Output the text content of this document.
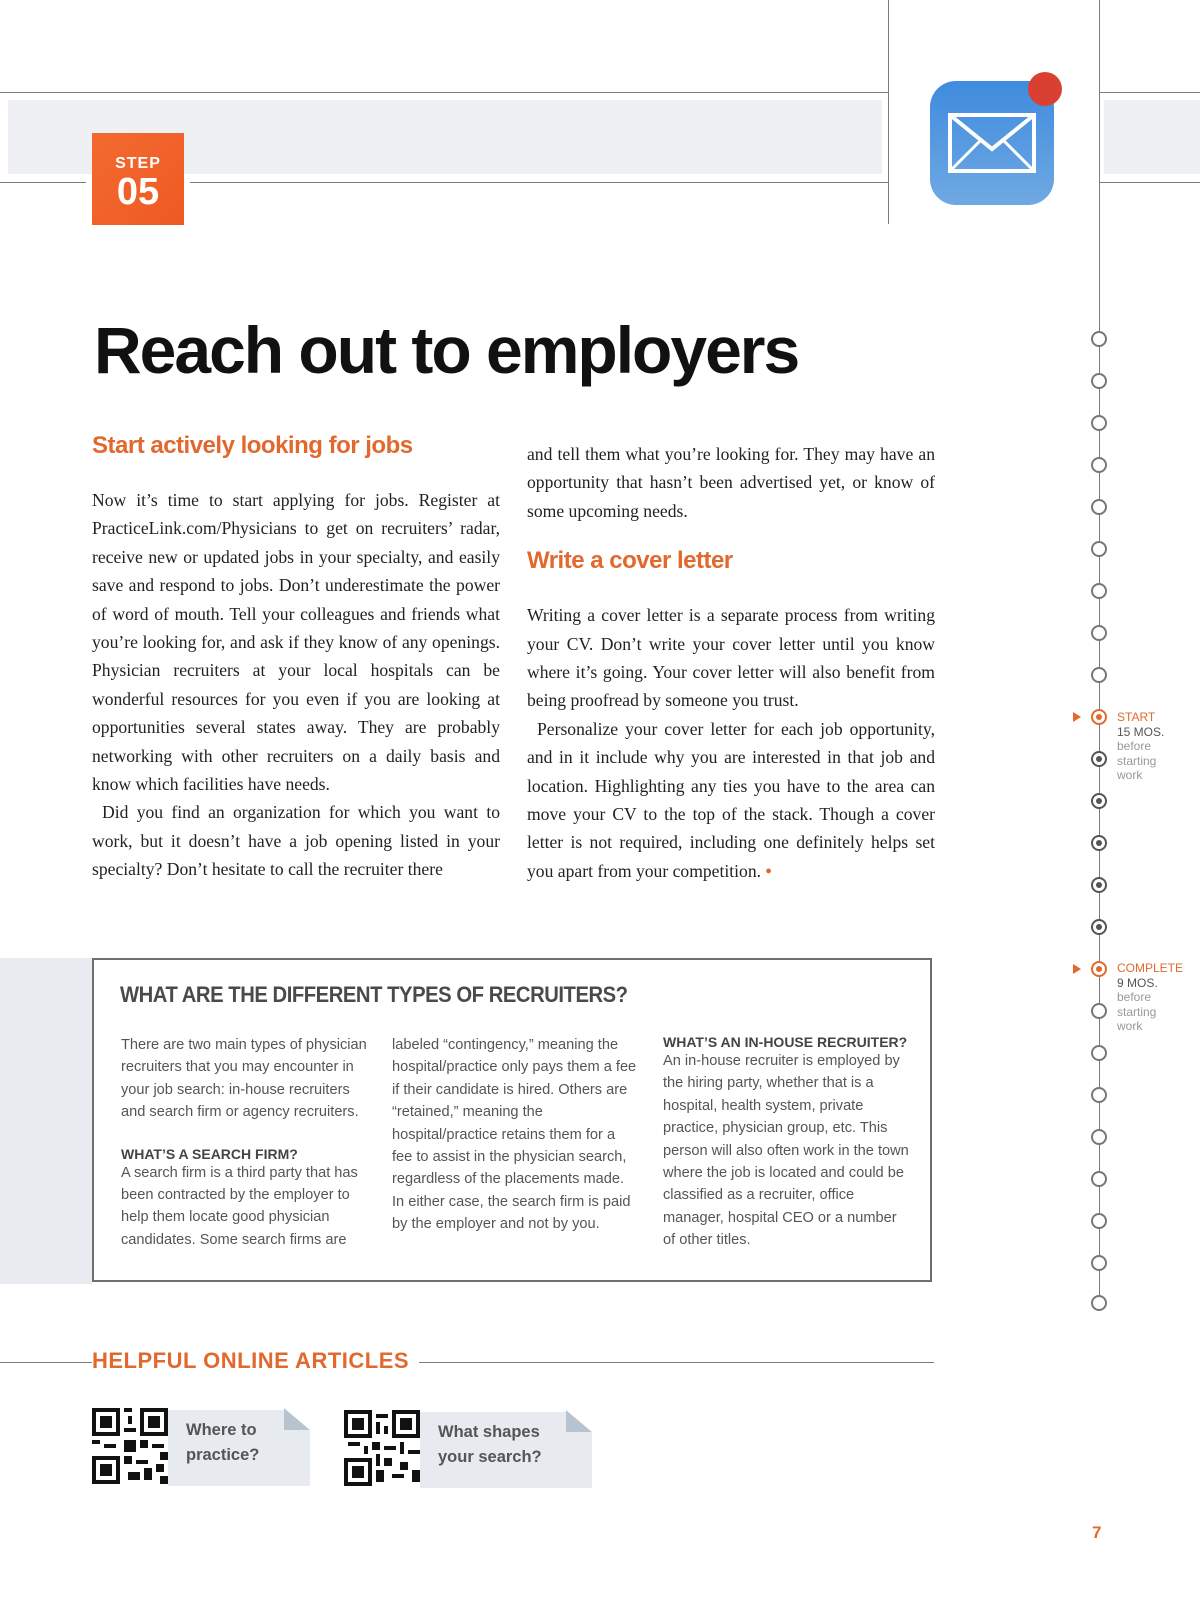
STEP
05
Reach out to employers
Start actively looking for jobs

Now it’s time to start applying for jobs. Register at PracticeLink.com/Physicians to get on recruiters’ radar, receive new or updated jobs in your specialty, and easily save and respond to jobs. Don’t underestimate the power of word of mouth. Tell your colleagues and friends what you’re looking for, and ask if they know of any openings. Physician recruiters at your local hospitals can be wonderful resources for you even if you are looking at opportunities several states away. They are probably networking with other recruiters on a daily basis and know which facilities have needs.

Did you find an organization for which you want to work, but it doesn’t have a job opening listed in your specialty? Don’t hesitate to call the recruiter there

and tell them what you’re looking for. They may have an opportunity that hasn’t been advertised yet, or know of some upcoming needs.

Write a cover letter

Writing a cover letter is a separate process from writing your CV. Don’t write your cover letter until you know where it’s going. Your cover letter will also benefit from being proofread by someone you trust.

Personalize your cover letter for each job opportunity, and in it include why you are interested in that job and location. Highlighting any ties you have to the area can move your CV to the top of the stack. Though a cover letter is not required, including one definitely helps set you apart from your competition. •

WHAT ARE THE DIFFERENT TYPES OF RECRUITERS?

There are two main types of physician recruiters that you may encounter in your job search: in-house recruiters and search firm or agency recruiters.

WHAT’S A SEARCH FIRM?

A search firm is a third party that has been contracted by the employer to help them locate good physician candidates. Some search firms are

labeled “contingency,” meaning the hospital/practice only pays them a fee if their candidate is hired. Others are “retained,” meaning the hospital/practice retains them for a fee to assist in the physician search, regardless of the placements made. In either case, the search firm is paid by the employer and not by you.

WHAT’S AN IN-HOUSE RECRUITER?

An in-house recruiter is employed by the hiring party, whether that is a hospital, health system, private practice, physician group, etc. This person will also often work in the town where the job is located and could be classified as a recruiter, office manager, hospital CEO or a number of other titles.

HELPFUL ONLINE ARTICLES

Where to

practice?

What shapes

your search?

START
15 MOS.
before
starting
work
COMPLETE
9 MOS.
before
starting
work

7
